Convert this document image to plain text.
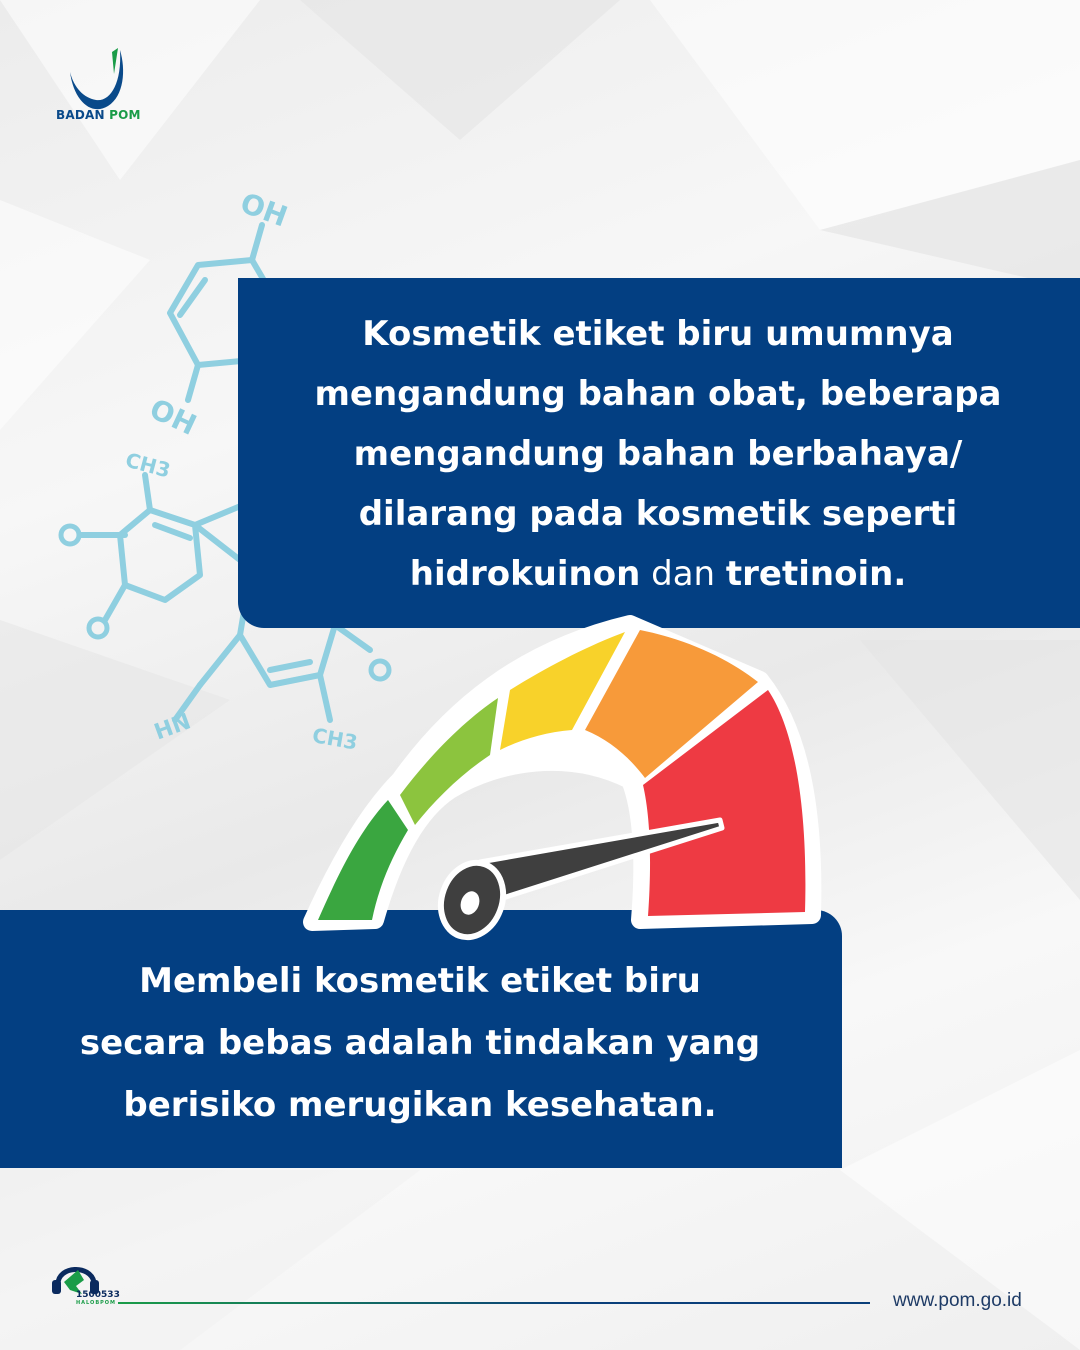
BADAN POM
OH
OH
CH3
HN	CH3
Kosmetik etiket biru umumnya
mengandung bahan obat, beberapa
mengandung bahan berbahaya/
dilarang pada kosmetik seperti
hidrokuinon dan tretinoin.
Membeli kosmetik etiket biru
secara bebas adalah tindakan yang
berisiko merugikan kesehatan.
1500533
HALOBPOM	www.pom.go.id
